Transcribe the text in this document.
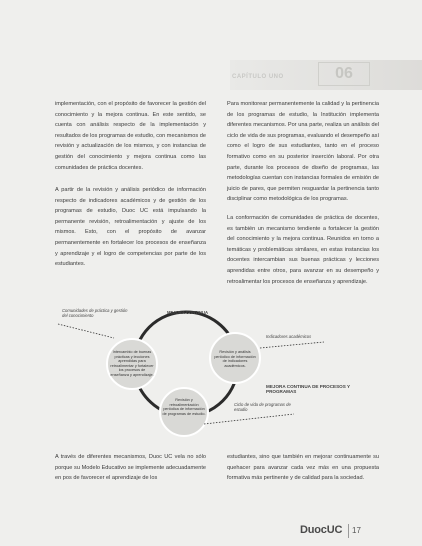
CAPÍTULO UNO	06
implementación, con el propósito de favorecer la gestión del conocimiento y la mejora continua. En este sentido, se cuenta con análisis respecto de la implementación y resultados de los programas de estudio, con mecanismos de revisión y actualización de los mismos, y con instancias de gestión del conocimiento y mejora continua como las comunidades de práctica docentes.
A partir de la revisión y análisis periódico de información respecto de indicadores académicos y de gestión de los programas de estudio, Duoc UC está impulsando la permanente revisión, retroalimentación y ajuste de los mismos. Esto, con el propósito de avanzar permanentemente en fortalecer los procesos de enseñanza y aprendizaje y el logro de competencias por parte de los estudiantes.
Para monitorear permanentemente la calidad y la pertinencia de los programas de estudio, la Institución implementa diferentes mecanismos. Por una parte, realiza un análisis del ciclo de vida de sus programas, evaluando el desempeño así como el logro de sus estudiantes, tanto en el proceso formativo como en su posterior inserción laboral. Por otra parte, durante los procesos de diseño de programas, las metodologías cuentan con instancias formales de emisión de juicio de pares, que permiten resguardar la pertinencia tanto disciplinar como metodológica de los programas.
La conformación de comunidades de práctica de docentes, es también un mecanismo tendiente a fortalecer la gestión del conocimiento y la mejora continua. Reunidos en torno a temáticas y problemáticas similares, en estas instancias los docentes intercambian sus buenas prácticas y lecciones aprendidas entre otros, para avanzar en su desempeño y retroalimentar los procesos de enseñanza y aprendizaje.
Comunidades de práctica y gestión del conocimiento
MEJORA CONTINUA
Intercambio de buenas prácticas y lecciones aprendidas para retroalimentar y fortalecer los procesos de enseñanza y aprendizaje.
Revisión y análisis periódico de información de indicadores académicos.
Revisión y retroalimentación periódica de información de programas de estudio.
Indicadores académicos
MEJORA CONTINUA DE PROCESOS Y PROGRAMAS
Ciclo de vida de programas de estudio
A través de diferentes mecanismos, Duoc UC vela no sólo porque su Modelo Educativo se implemente adecuadamente en pos de favorecer el aprendizaje de los
estudiantes, sino que también en mejorar continuamente su quehacer para avanzar cada vez más en una propuesta formativa más pertinente y de calidad para la sociedad.
DuocUC 17
